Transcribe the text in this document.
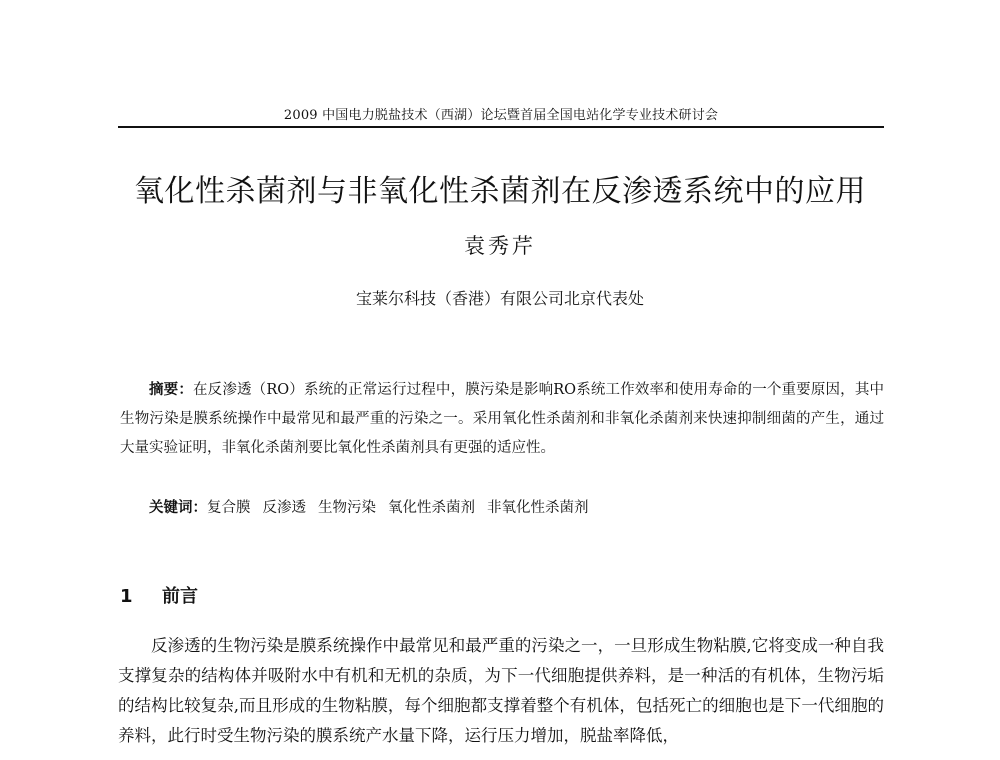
2009 中国电力脱盐技术（西湖）论坛暨首届全国电站化学专业技术研讨会
氧化性杀菌剂与非氧化性杀菌剂在反渗透系统中的应用
袁秀芹
宝莱尔科技（香港）有限公司北京代表处

摘要：在反渗透（RO）系统的正常运行过程中，膜污染是影响RO系统工作效率和使用寿命的一个重要原因，其中生物污染是膜系统操作中最常见和最严重的污染之一。采用氧化性杀菌剂和非氧化杀菌剂来快速抑制细菌的产生，通过大量实验证明，非氧化杀菌剂要比氧化性杀菌剂具有更强的适应性。

关键词：复合膜 反渗透 生物污染 氧化性杀菌剂 非氧化性杀菌剂

1 前言

反渗透的生物污染是膜系统操作中最常见和最严重的污染之一，一旦形成生物粘膜,它将变成一种自我支撑复杂的结构体并吸附水中有机和无机的杂质，为下一代细胞提供养料，是一种活的有机体，生物污垢的结构比较复杂,而且形成的生物粘膜，每个细胞都支撑着整个有机体，包括死亡的细胞也是下一代细胞的养料，此行时受生物污染的膜系统产水量下降，运行压力增加，脱盐率降低，
